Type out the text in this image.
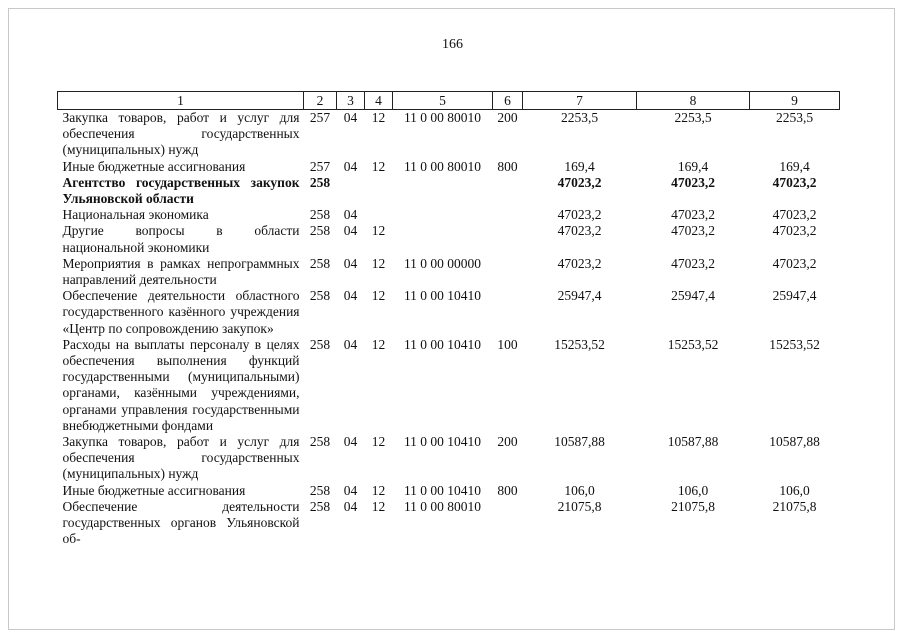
166
1	2	3	4	5	6	7	8	9
Закупка товаров, работ и услуг для обеспечения государственных (муниципальных) нужд	257	04	12	11 0 00 80010	200	2253,5	2253,5	2253,5
Иные бюджетные ассигнования	257	04	12	11 0 00 80010	800	169,4	169,4	169,4
Агентство государственных закупок Ульяновской области	258					47023,2	47023,2	47023,2
Национальная экономика	258	04				47023,2	47023,2	47023,2
Другие вопросы в области национальной экономики	258	04	12			47023,2	47023,2	47023,2
Мероприятия в рамках непрограммных направлений деятельности	258	04	12	11 0 00 00000		47023,2	47023,2	47023,2
Обеспечение деятельности областного государственного казённого учреждения «Центр по сопровождению закупок»	258	04	12	11 0 00 10410		25947,4	25947,4	25947,4
Расходы на выплаты персоналу в целях обеспечения выполнения функций государственными (муниципальными) органами, казёнными учреждениями, органами управления государственными внебюджетными фондами	258	04	12	11 0 00 10410	100	15253,52	15253,52	15253,52
Закупка товаров, работ и услуг для обеспечения государственных (муниципальных) нужд	258	04	12	11 0 00 10410	200	10587,88	10587,88	10587,88
Иные бюджетные ассигнования	258	04	12	11 0 00 10410	800	106,0	106,0	106,0
Обеспечение деятельности государственных органов Ульяновской об-	258	04	12	11 0 00 80010		21075,8	21075,8	21075,8
